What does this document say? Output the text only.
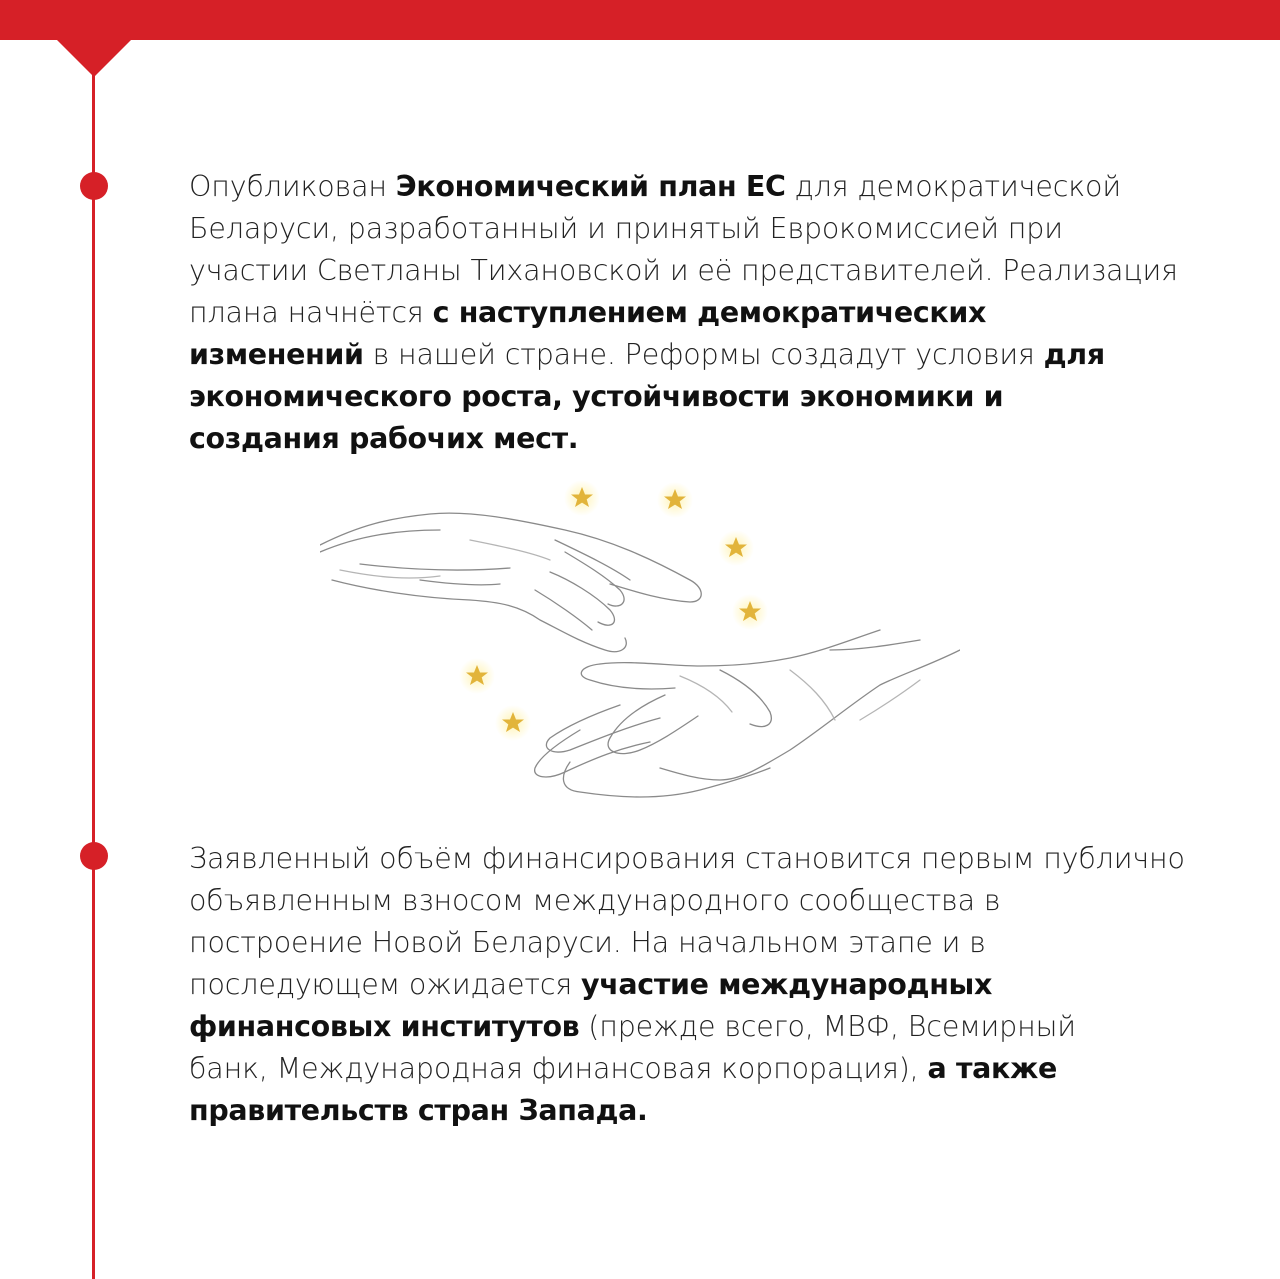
Опубликован Экономический план ЕС для демократической
Беларуси, разработанный и принятый Еврокомиссией при
участии Светланы Тихановской и её представителей. Реализация
плана начнётся с наступлением демократических
изменений в нашей стране. Реформы создадут условия для
экономического роста, устойчивости экономики и
создания рабочих мест.
Заявленный объём финансирования становится первым публично
объявленным взносом международного сообщества в
построение Новой Беларуси. На начальном этапе и в
последующем ожидается участие международных
финансовых институтов (прежде всего, МВФ, Всемирный
банк, Международная финансовая корпорация), а также
правительств стран Запада.
